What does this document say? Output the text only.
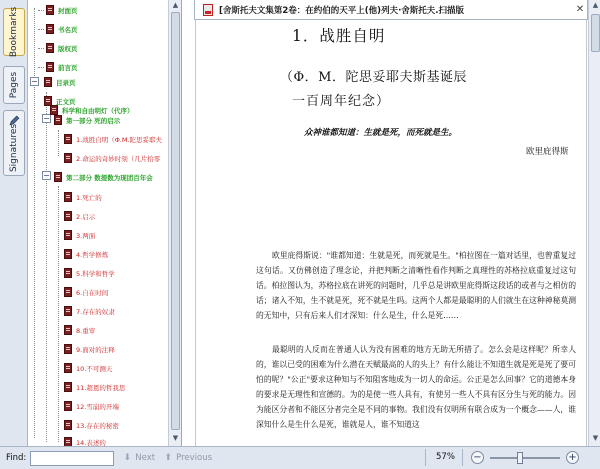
Bookmarks
Pages
Signatures
−
−
−
封面页
书名页
版权页
前言页
目录页
正文页
科学和自由明灯（代序）
第一部分 死的启示
1.战胜自明（Φ.M.陀思妥耶夫
2.命运的奇妙时刻（几片拾零
第二部分 数提数为现团百年会
1.死亡的
2.启示
3.两面
4.哲学修炼
5.科学和哲学
6.自在时间
7.存在的奴隶
8.重审
9.面对的注释
10.不可测天
11.超恩的哲我思
12.雪崩的开端
13.存在的秘密
14.表述的
▲
▼
[舍斯托夫文集第2卷：在约伯的天平上(他)列夫·舍斯托夫.扫描版	✕
1．战胜自明
（Φ．M．陀思妥耶夫斯基诞辰
一百周年纪念）
众神谁都知道：生就是死，而死就是生。
欧里庇得斯
欧里庇得斯说："谁都知道：生就是死，而死就是生。"柏拉图在一篇对话里，也曾重复过这句话。又仿佛创造了理念论，并把判断之清晰性看作判断之真理性的苏格拉底重复过这句话。柏拉图认为，苏格拉底在讲死的问题时，几乎总是讲欧里庇得斯这段话的或者与之相仿的话；诸入不知，生不就是死，死不就是生吗。这两个人都是最聪明的人们就生在这种神秘莫测的无知中，只有后来人们才深知：什么是生，什么是死……
最聪明的人反而在普通人认为没有困难的地方无助无所措了。怎么会是这样呢？所幸人的，谁以已受的困难为什么潜在天赋最高的人的头上？有什么能让不知道生就是死是死了要可怕的呢？"公正"要求这种知与不知阻客地成为一切人的命运。公正是怎么回事？它的道德本身的要求是无理性和宣德的。为的是使一些人具有，有使另一些人不具有区分生与死的能力。因为能区分者和不能区分者完全是不同的事物。我们没有仅明所有联合成为一个概念——人，谁深知什么是生什么是死，谁就是人，谁不知道这
▲
▼
Find:	⬇ Next ⬆ Previous	57% −	+
